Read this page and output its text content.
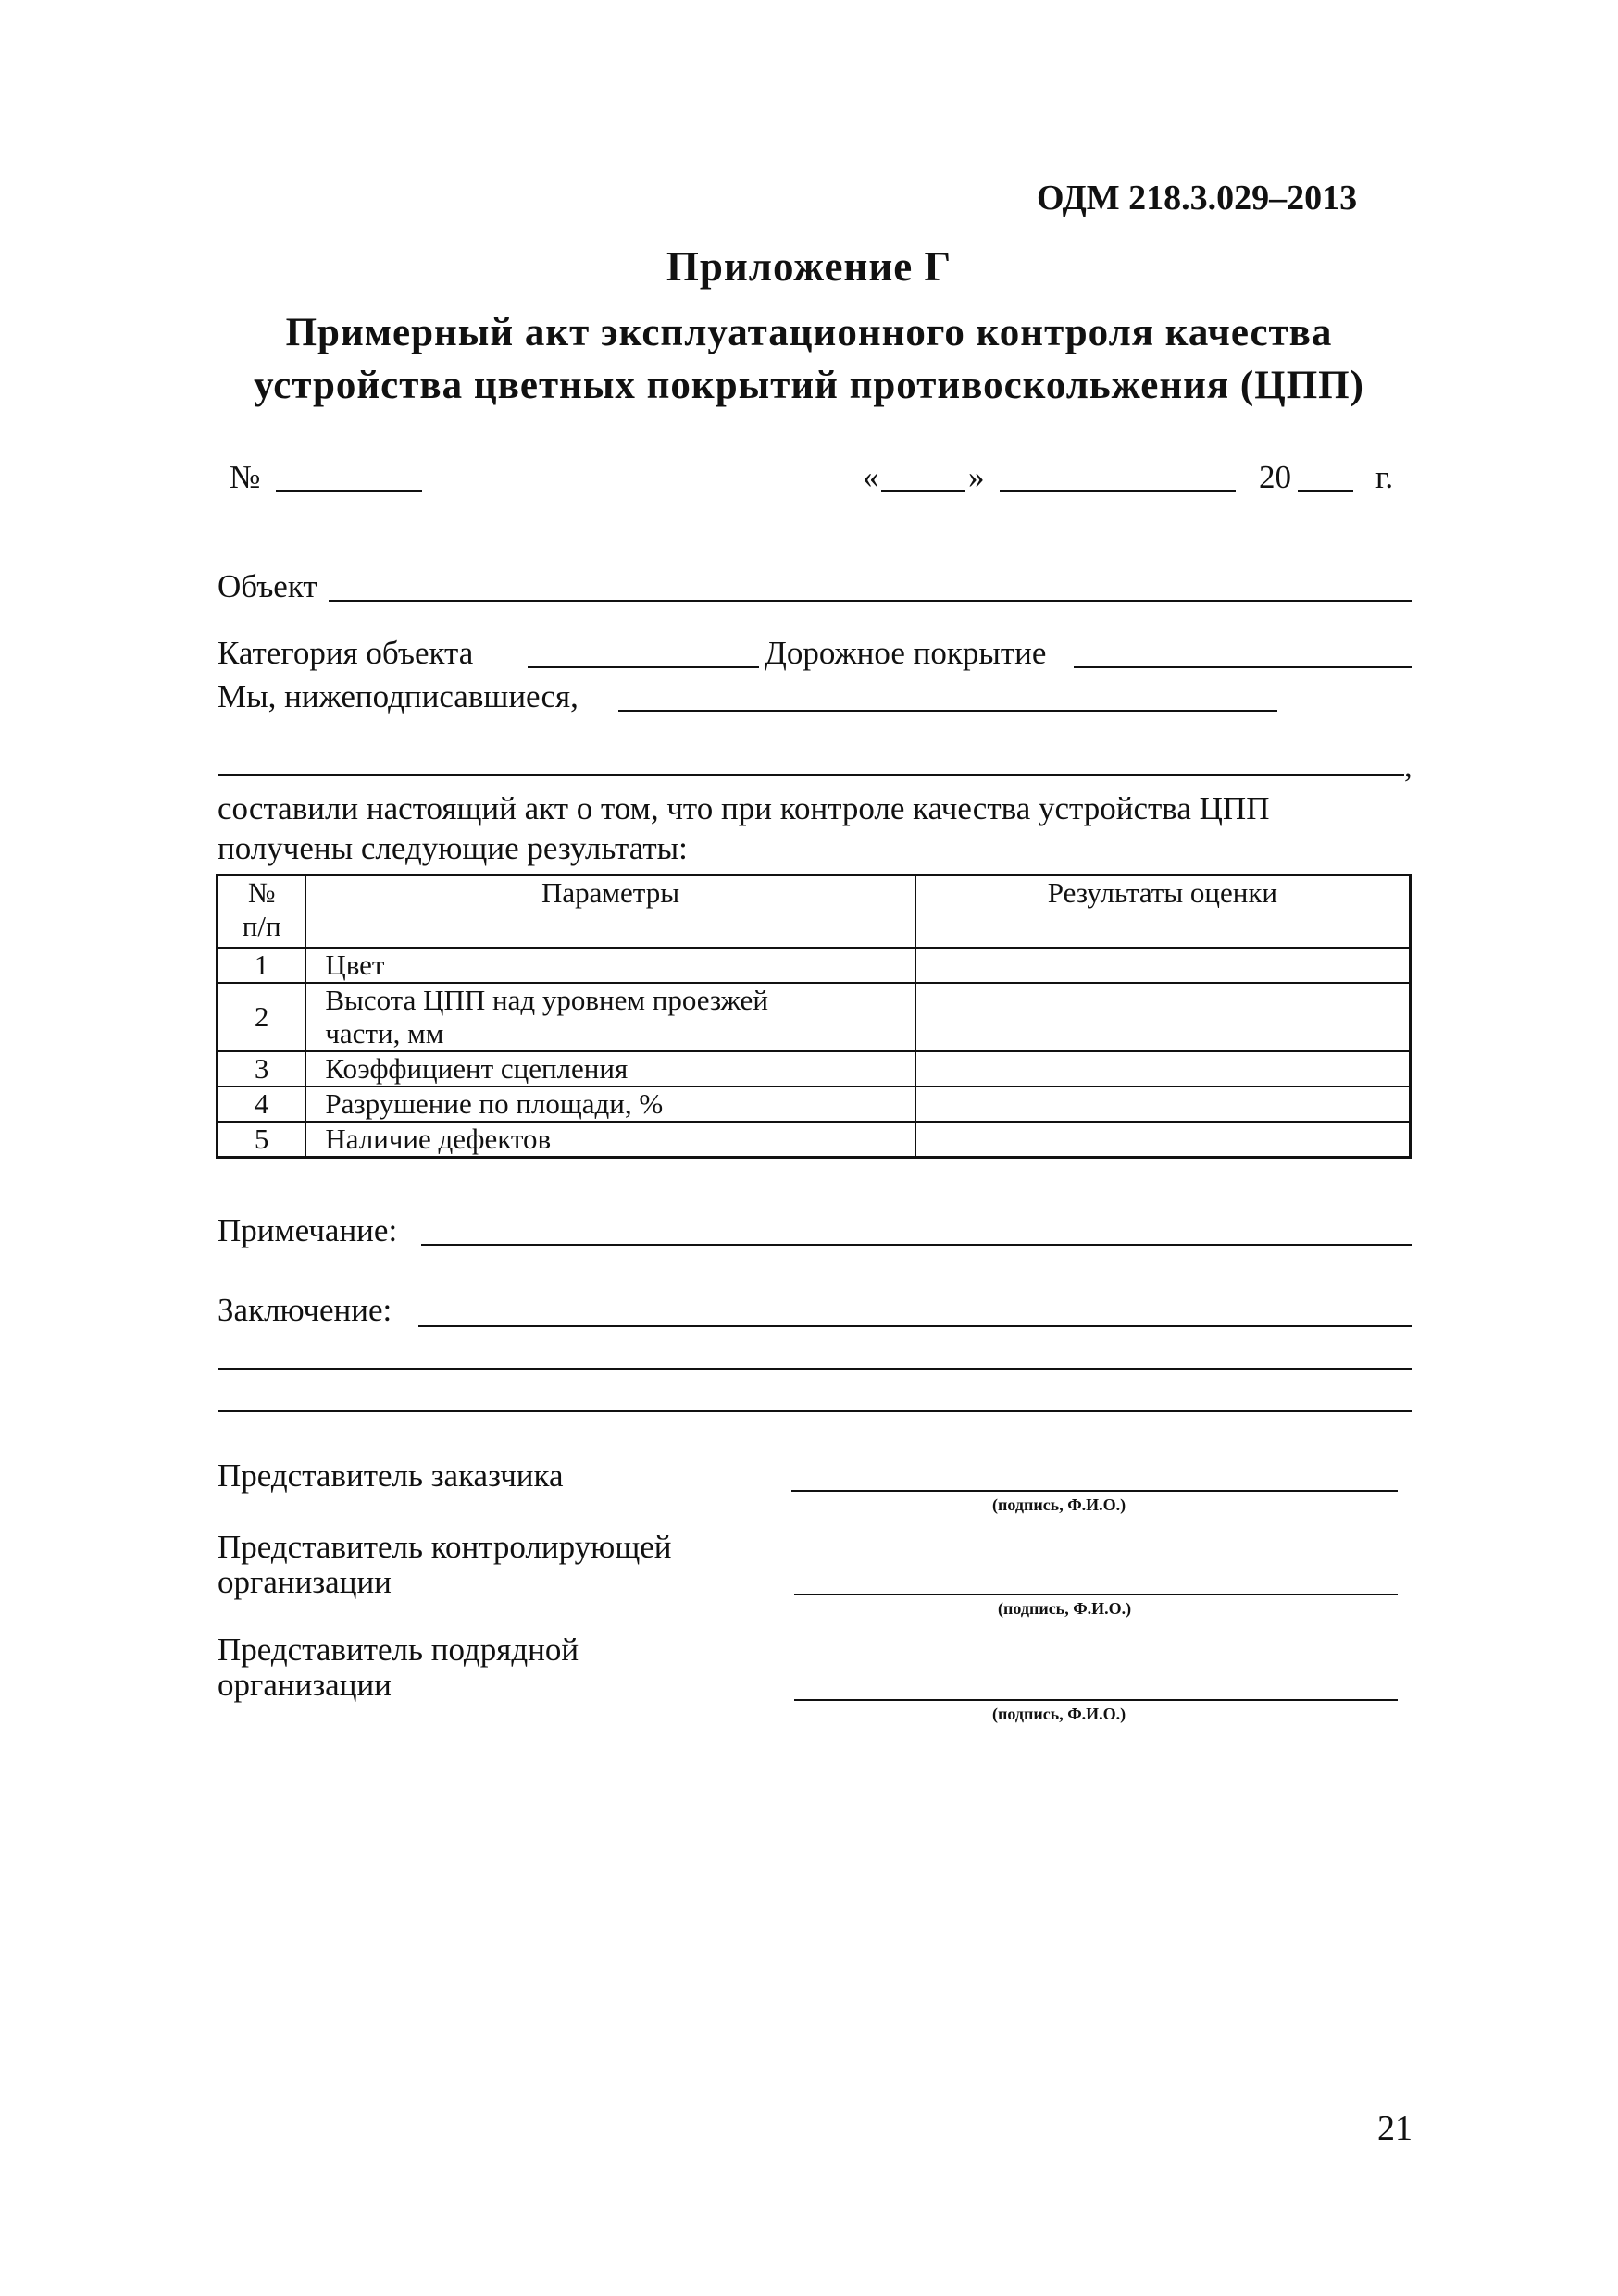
ОДМ 218.3.029–2013
Приложение Г
Примерный акт эксплуатационного контроля качества
устройства цветных покрытий противоскольжения (ЦПП)
№	«	»	20	г.
Объект
Категория объекта	Дорожное покрытие
Мы, нижеподписавшиеся,
,
составили настоящий акт о том, что при контроле качества устройства ЦПП
получены следующие результаты:
№
п/п	Параметры	Результаты оценки
1	Цвет	
2	Высота ЦПП над уровнем проезжей
части, мм	

3	Коэффициент сцепления	
4	Разрушение по площади, %	
5	Наличие дефектов	
Примечание:
Заключение:
Представитель заказчика
(подпись, Ф.И.О.)
Представитель контролирующей
организации
(подпись, Ф.И.О.)
Представитель подрядной
организации
(подпись, Ф.И.О.)
21
